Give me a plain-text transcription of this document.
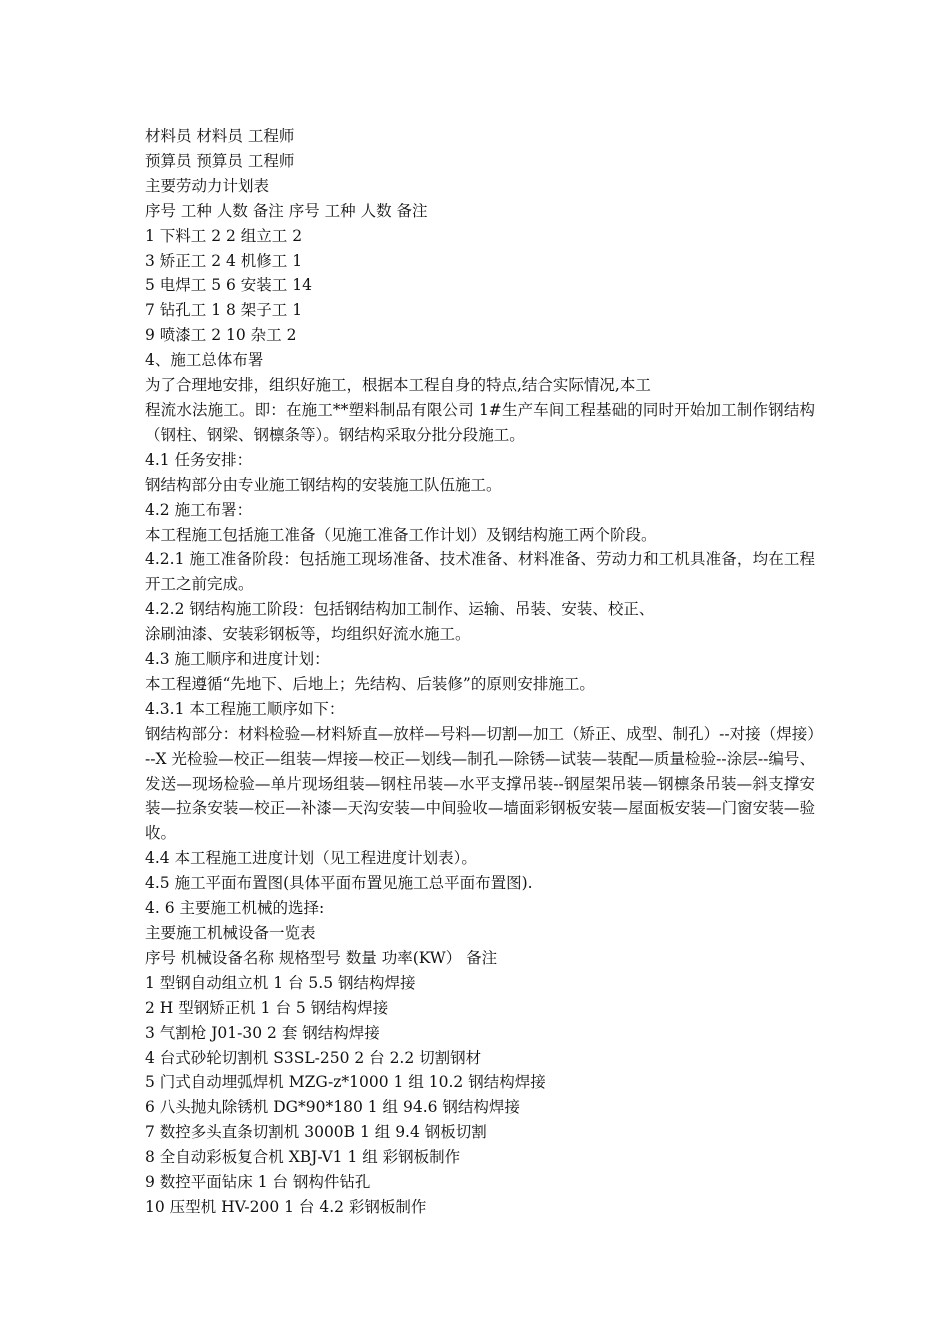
材料员 材料员 工程师
预算员 预算员 工程师
主要劳动力计划表
序号 工种 人数 备注 序号 工种 人数 备注
1 下料工 2 2 组立工 2
3 矫正工 2 4 机修工 1
5 电焊工 5 6 安装工 14
7 钻孔工 1 8 架子工 1
9 喷漆工 2 10 杂工 2
4、施工总体布署
为了合理地安排，组织好施工，根据本工程自身的特点,结合实际情况,本工
程流水法施工。即：在施工**塑料制品有限公司 1#生产车间工程基础的同时开始加工制作钢结构（钢柱、钢梁、钢檩条等）。钢结构采取分批分段施工。
4.1 任务安排：
钢结构部分由专业施工钢结构的安装施工队伍施工。
4.2 施工布署：
本工程施工包括施工准备（见施工准备工作计划）及钢结构施工两个阶段。
4.2.1 施工准备阶段：包括施工现场准备、技术准备、材料准备、劳动力和工机具准备，均在工程开工之前完成。
4.2.2 钢结构施工阶段：包括钢结构加工制作、运输、吊装、安装、校正、
涂刷油漆、安装彩钢板等，均组织好流水施工。
4.3 施工顺序和进度计划：
本工程遵循“先地下、后地上；先结构、后装修”的原则安排施工。
4.3.1 本工程施工顺序如下：
钢结构部分：材料检验—材料矫直—放样—号料—切割—加工（矫正、成型、制孔）--对接（焊接）--X 光检验—校正—组装—焊接—校正—划线—制孔—除锈—试装—装配—质量检验--涂层--编号、发送—现场检验—单片现场组装—钢柱吊装—水平支撑吊装--钢屋架吊装—钢檩条吊装—斜支撑安装—拉条安装—校正—补漆—天沟安装—中间验收—墙面彩钢板安装—屋面板安装—门窗安装—验收。
4.4 本工程施工进度计划（见工程进度计划表）。
4.5 施工平面布置图(具体平面布置见施工总平面布置图).
4. 6 主要施工机械的选择:
主要施工机械设备一览表
序号 机械设备名称 规格型号 数量 功率(KW） 备注
1 型钢自动组立机 1 台 5.5 钢结构焊接
2 H 型钢矫正机 1 台 5 钢结构焊接
3 气割枪 J01-30 2 套 钢结构焊接
4 台式砂轮切割机 S3SL-250 2 台 2.2 切割钢材
5 门式自动埋弧焊机 MZG-z*1000 1 组 10.2 钢结构焊接
6 八头抛丸除锈机 DG*90*180 1 组 94.6 钢结构焊接
7 数控多头直条切割机 3000B 1 组 9.4 钢板切割
8 全自动彩板复合机 XBJ-V1 1 组 彩钢板制作
9 数控平面钻床 1 台 钢构件钻孔
10 压型机 HV-200 1 台 4.2 彩钢板制作
